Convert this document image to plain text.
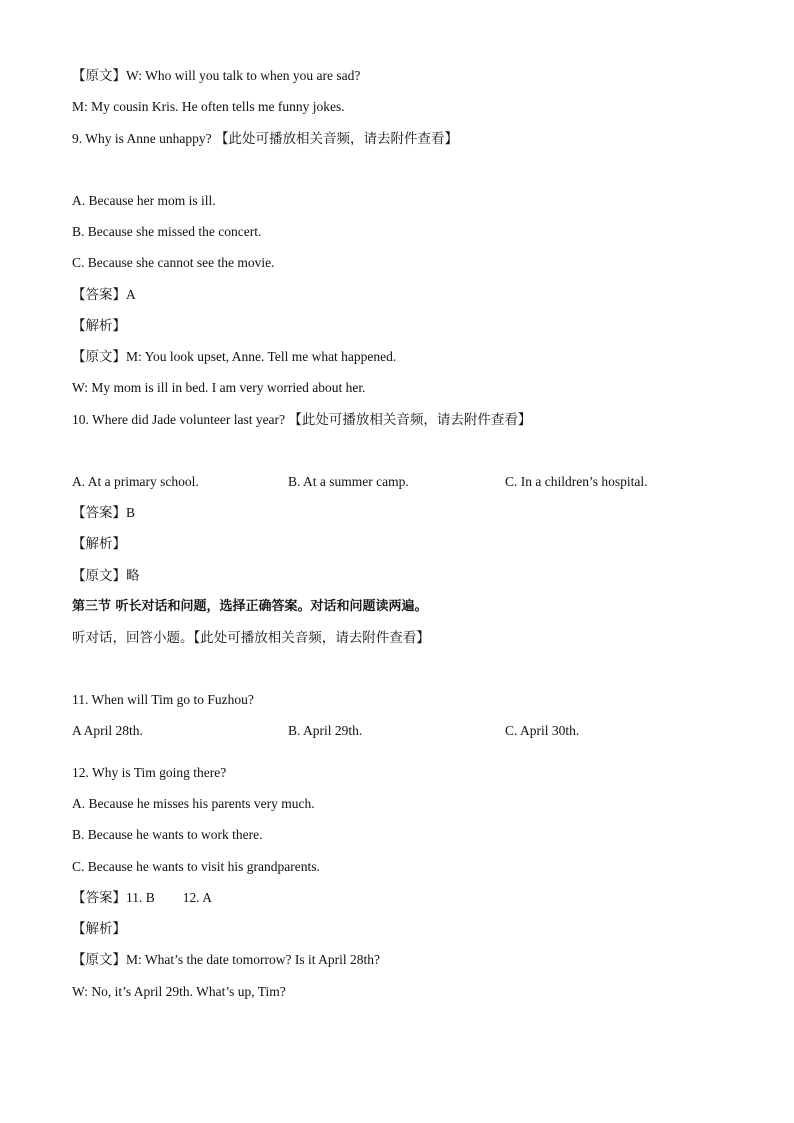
【原文】W: Who will you talk to when you are sad?
M: My cousin Kris. He often tells me funny jokes.
9. Why is Anne unhappy? 【此处可播放相关音频，请去附件查看】
A. Because her mom is ill.
B. Because she missed the concert.
C. Because she cannot see the movie.
【答案】A
【解析】
【原文】M: You look upset, Anne. Tell me what happened.
W: My mom is ill in bed. I am very worried about her.
10. Where did Jade volunteer last year? 【此处可播放相关音频，请去附件查看】
A. At a primary school.	B. At a summer camp.	C. In a children’s hospital.
【答案】B
【解析】
【原文】略
第三节 听长对话和问题，选择正确答案。对话和问题读两遍。
听对话，回答小题。【此处可播放相关音频，请去附件查看】
11. When will Tim go to Fuzhou?
A April 28th.	B. April 29th.	C. April 30th.
12. Why is Tim going there?
A. Because he misses his parents very much.
B. Because he wants to work there.
C. Because he wants to visit his grandparents.
【答案】11. B 12. A
【解析】
【原文】M: What’s the date tomorrow? Is it April 28th?
W: No, it’s April 29th. What’s up, Tim?
